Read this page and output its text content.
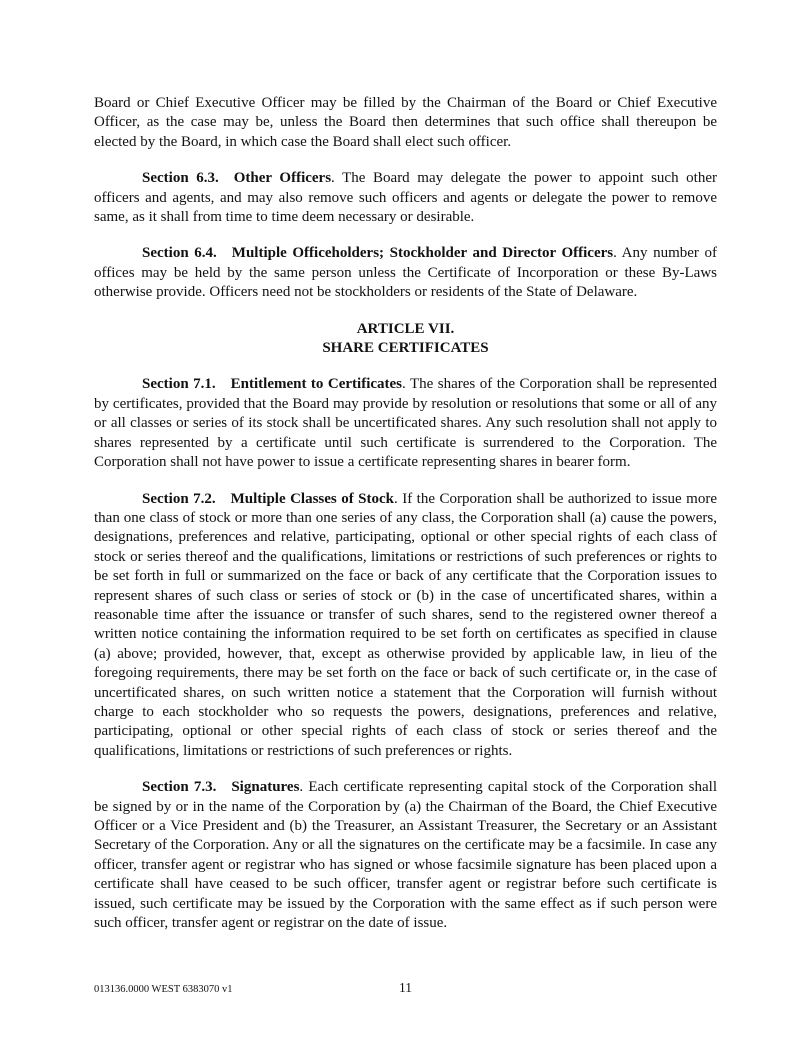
Board or Chief Executive Officer may be filled by the Chairman of the Board or Chief Executive Officer, as the case may be, unless the Board then determines that such office shall thereupon be elected by the Board, in which case the Board shall elect such officer.

Section 6.3. Other Officers. The Board may delegate the power to appoint such other officers and agents, and may also remove such officers and agents or delegate the power to remove same, as it shall from time to time deem necessary or desirable.

Section 6.4. Multiple Officeholders; Stockholder and Director Officers. Any number of offices may be held by the same person unless the Certificate of Incorporation or these By-Laws otherwise provide. Officers need not be stockholders or residents of the State of Delaware.

ARTICLE VII.
SHARE CERTIFICATES

Section 7.1. Entitlement to Certificates. The shares of the Corporation shall be represented by certificates, provided that the Board may provide by resolution or resolutions that some or all of any or all classes or series of its stock shall be uncertificated shares. Any such resolution shall not apply to shares represented by a certificate until such certificate is surrendered to the Corporation. The Corporation shall not have power to issue a certificate representing shares in bearer form.

Section 7.2. Multiple Classes of Stock. If the Corporation shall be authorized to issue more than one class of stock or more than one series of any class, the Corporation shall (a) cause the powers, designations, preferences and relative, participating, optional or other special rights of each class of stock or series thereof and the qualifications, limitations or restrictions of such preferences or rights to be set forth in full or summarized on the face or back of any certificate that the Corporation issues to represent shares of such class or series of stock or (b) in the case of uncertificated shares, within a reasonable time after the issuance or transfer of such shares, send to the registered owner thereof a written notice containing the information required to be set forth on certificates as specified in clause (a) above; provided, however, that, except as otherwise provided by applicable law, in lieu of the foregoing requirements, there may be set forth on the face or back of such certificate or, in the case of uncertificated shares, on such written notice a statement that the Corporation will furnish without charge to each stockholder who so requests the powers, designations, preferences and relative, participating, optional or other special rights of each class of stock or series thereof and the qualifications, limitations or restrictions of such preferences or rights.

Section 7.3. Signatures. Each certificate representing capital stock of the Corporation shall be signed by or in the name of the Corporation by (a) the Chairman of the Board, the Chief Executive Officer or a Vice President and (b) the Treasurer, an Assistant Treasurer, the Secretary or an Assistant Secretary of the Corporation. Any or all the signatures on the certificate may be a facsimile. In case any officer, transfer agent or registrar who has signed or whose facsimile signature has been placed upon a certificate shall have ceased to be such officer, transfer agent or registrar before such certificate is issued, such certificate may be issued by the Corporation with the same effect as if such person were such officer, transfer agent or registrar on the date of issue.

013136.0000 WEST 6383070 v1	11
